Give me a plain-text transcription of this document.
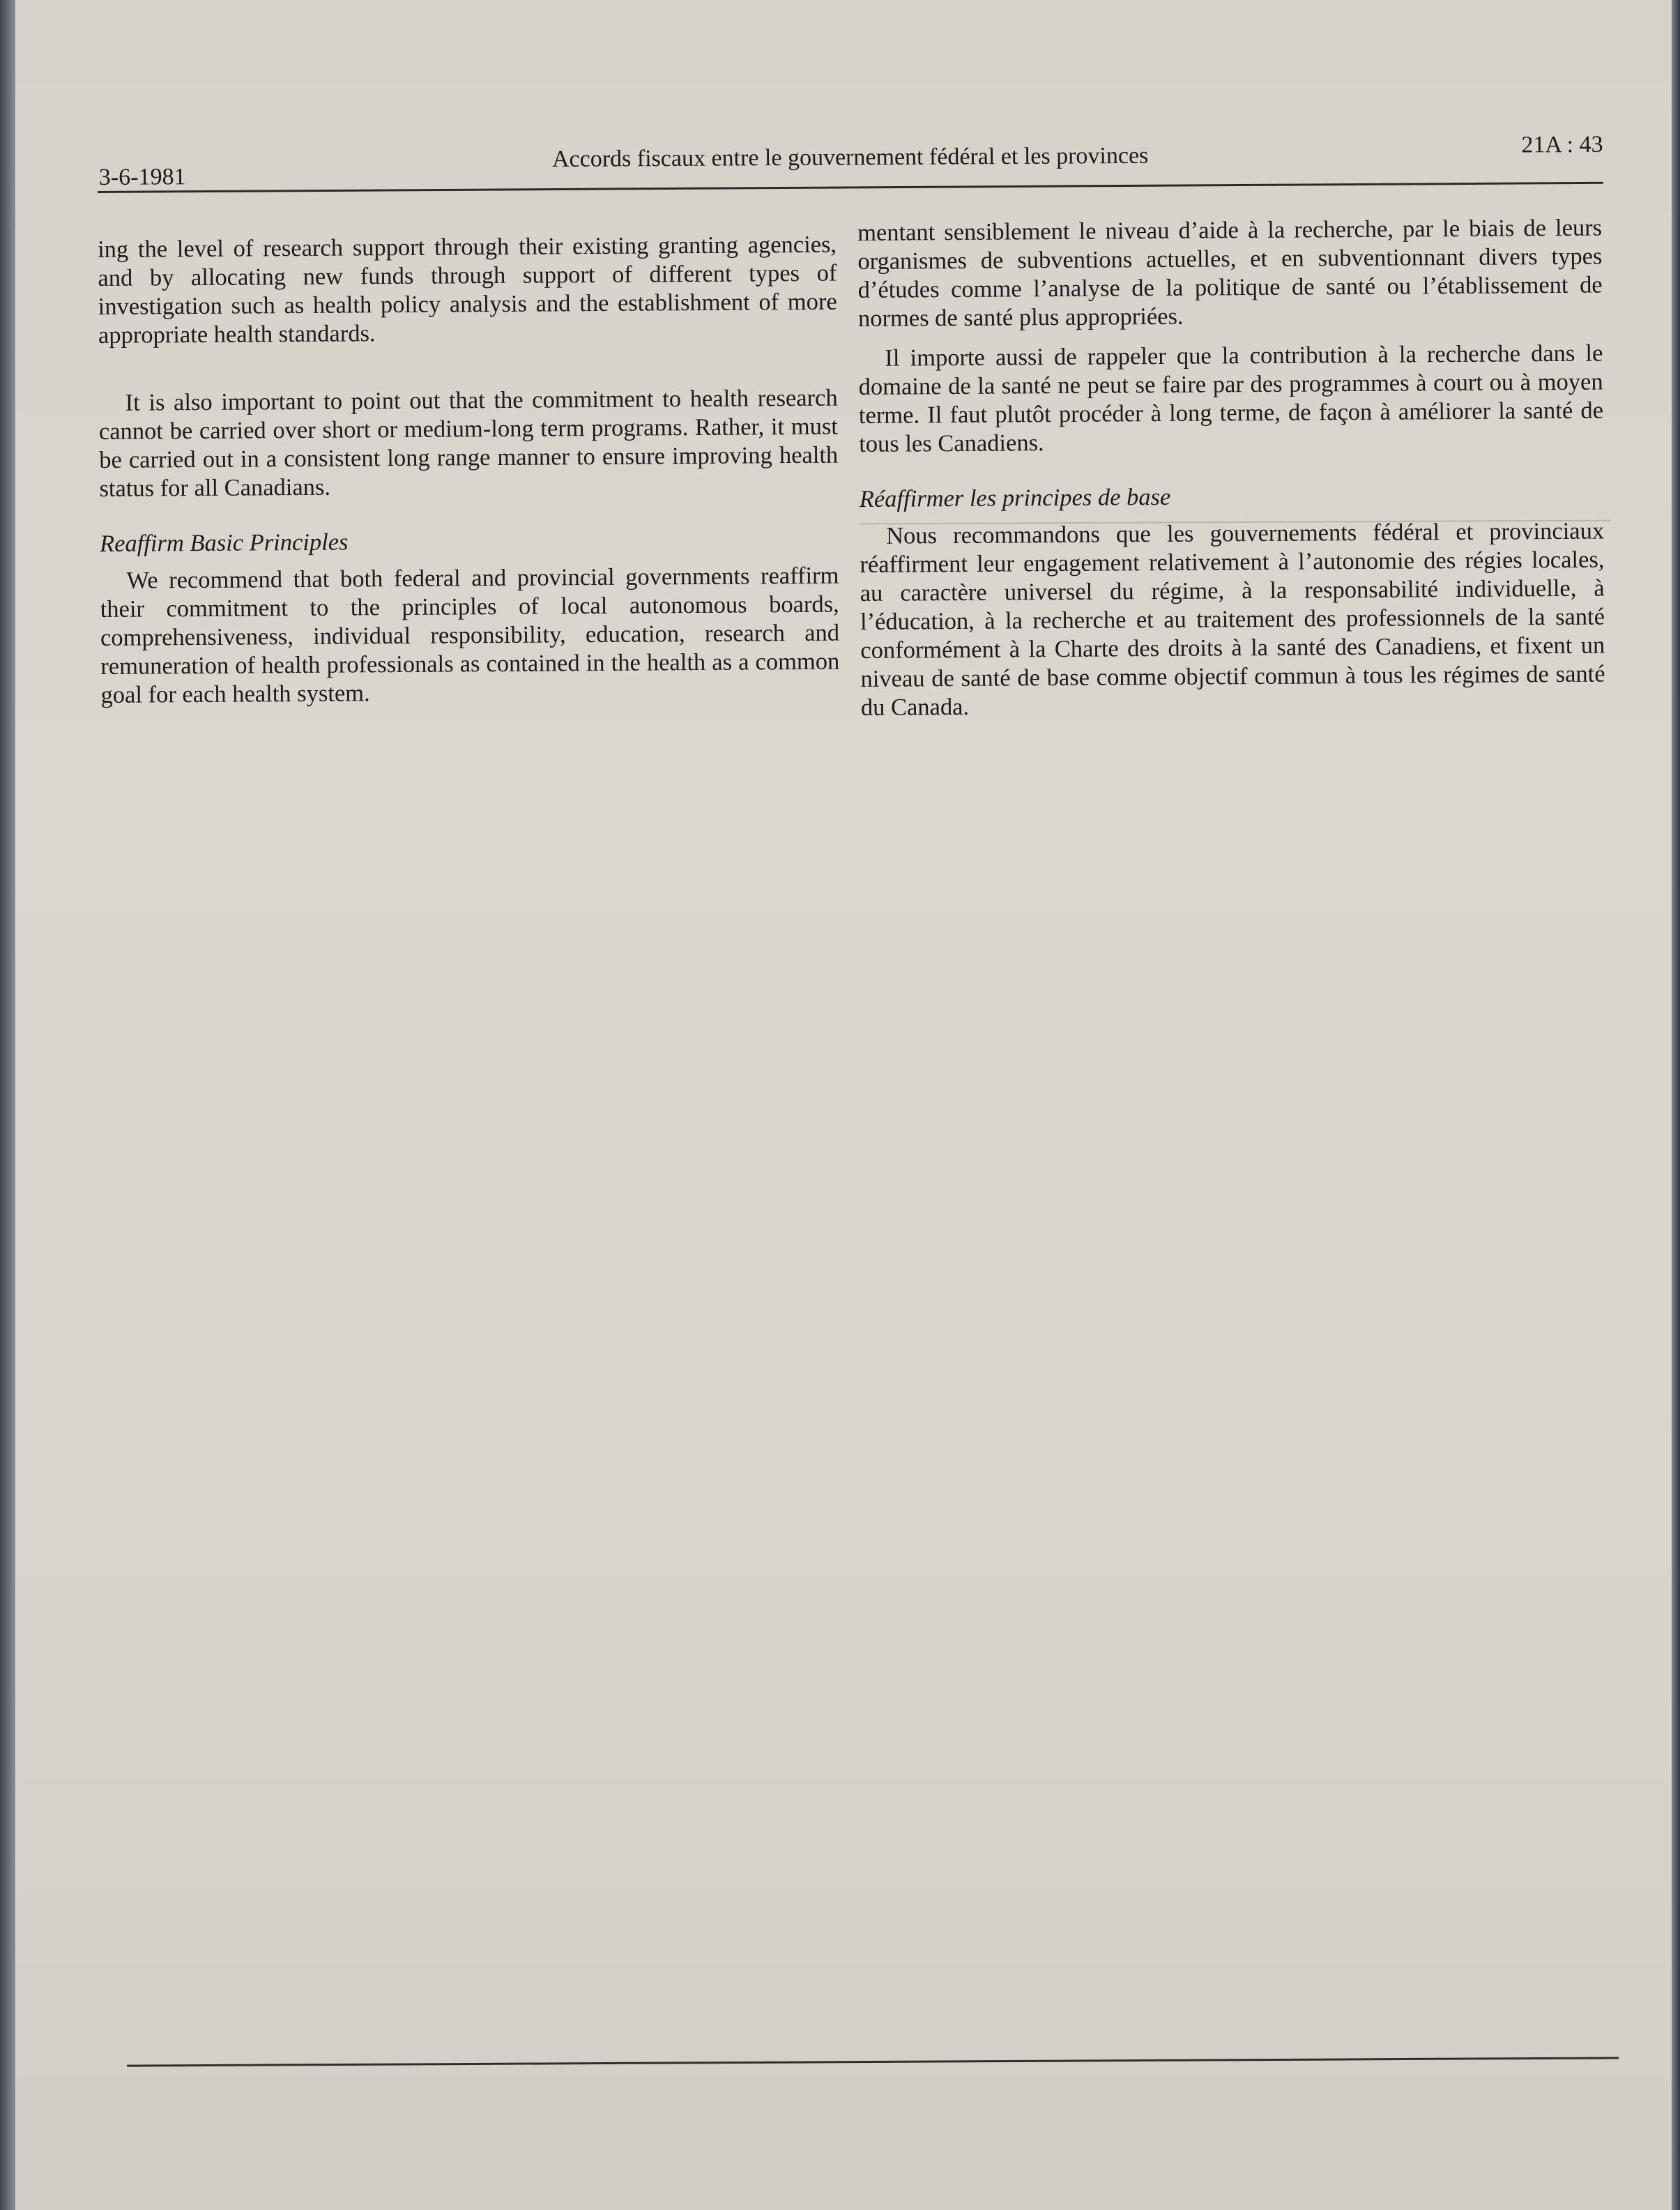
3-6-1981
Accords fiscaux entre le gouvernement fédéral et les provinces	21A : 43

ing the level of research support through their existing granting agencies, and by allocating new funds through support of different types of investigation such as health policy analysis and the establishment of more appropriate health standards.

It is also important to point out that the commitment to health research cannot be carried over short or medium-long term programs. Rather, it must be carried out in a consistent long range manner to ensure improving health status for all Canadians.

Reaffirm Basic Principles

We recommend that both federal and provincial governments reaffirm their commitment to the principles of local autonomous boards, comprehensiveness, individual responsibility, education, research and remuneration of health professionals as contained in the health as a common goal for each health system.

mentant sensiblement le niveau d’aide à la recherche, par le biais de leurs organismes de subventions actuelles, et en subventionnant divers types d’études comme l’analyse de la politique de santé ou l’établissement de normes de santé plus appropriées.

Il importe aussi de rappeler que la contribution à la recherche dans le domaine de la santé ne peut se faire par des programmes à court ou à moyen terme. Il faut plutôt procéder à long terme, de façon à améliorer la santé de tous les Canadiens.

Réaffirmer les principes de base

Nous recommandons que les gouvernements fédéral et provinciaux réaffirment leur engagement relativement à l’autonomie des régies locales, au caractère universel du régime, à la responsabilité individuelle, à l’éducation, à la recherche et au traitement des professionnels de la santé conformément à la Charte des droits à la santé des Canadiens, et fixent un niveau de santé de base comme objectif commun à tous les régimes de santé du Canada.
